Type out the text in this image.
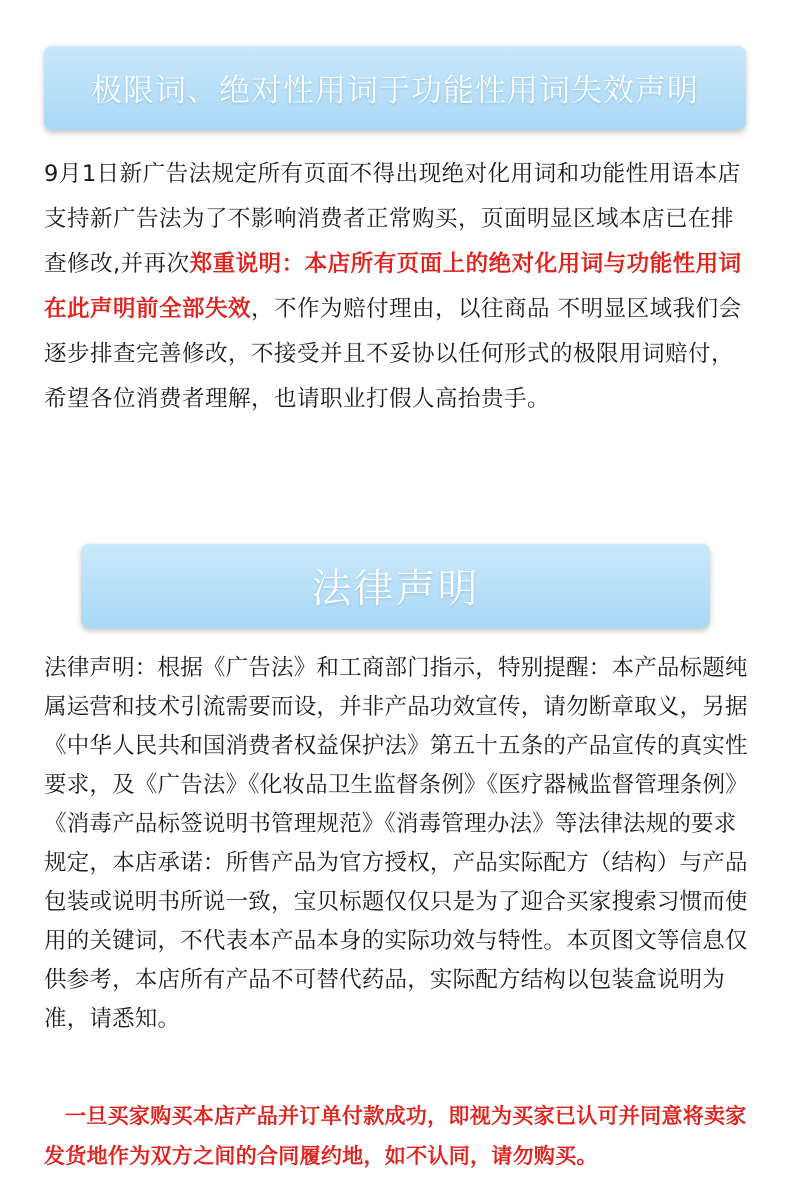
极限词、绝对性用词于功能性用词失效声明

9月1日新广告法规定所有页面不得出现绝对化用词和功能性用语本店支持新广告法为了不影响消费者正常购买，页面明显区域本店已在排查修改,并再次郑重说明：本店所有页面上的绝对化用词与功能性用词在此声明前全部失效，不作为赔付理由，以往商品 不明显区域我们会逐步排查完善修改，不接受并且不妥协以任何形式的极限用词赔付，希望各位消费者理解，也请职业打假人高抬贵手。

法律声明

法律声明：根据《广告法》和工商部门指示，特别提醒：本产品标题纯属运营和技术引流需要而设，并非产品功效宣传，请勿断章取义，另据《中华人民共和国消费者权益保护法》第五十五条的产品宣传的真实性要求，及《广告法》《化妆品卫生监督条例》《医疗器械监督管理条例》《消毒产品标签说明书管理规范》《消毒管理办法》等法律法规的要求规定，本店承诺：所售产品为官方授权，产品实际配方（结构）与产品包装或说明书所说一致，宝贝标题仅仅只是为了迎合买家搜索习惯而使用的关键词，不代表本产品本身的实际功效与特性。本页图文等信息仅供参考，本店所有产品不可替代药品，实际配方结构以包装盒说明为准，请悉知。

一旦买家购买本店产品并订单付款成功，即视为买家已认可并同意将卖家发货地作为双方之间的合同履约地，如不认同，请勿购买。
